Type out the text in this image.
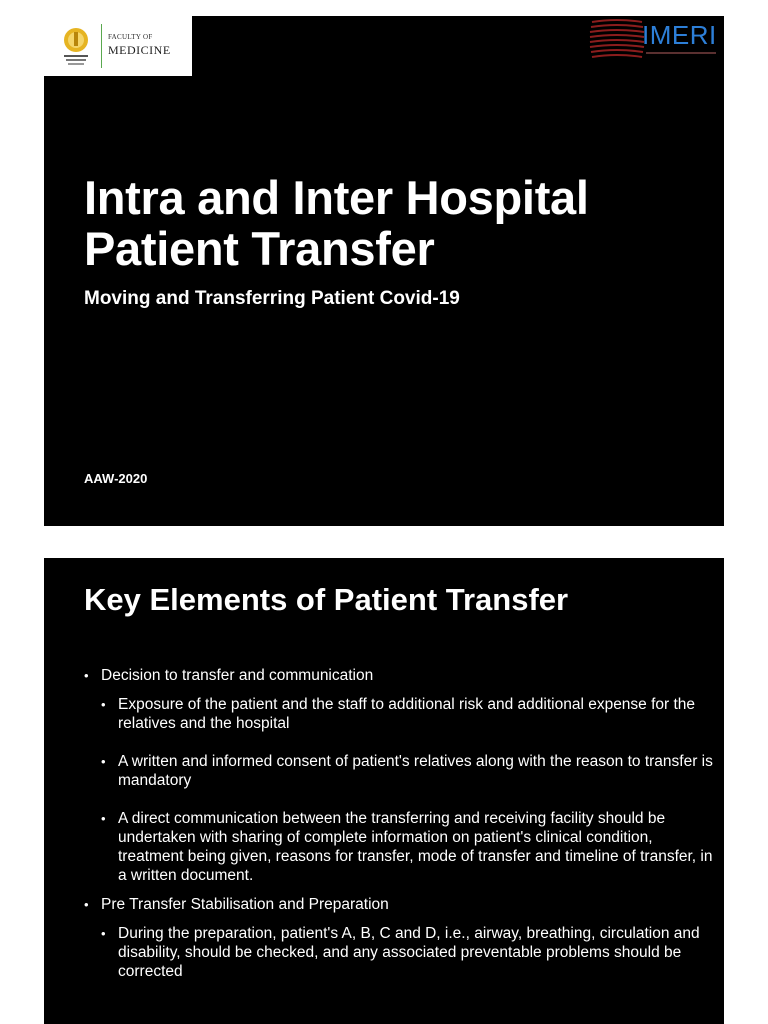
FACULTY OF
MEDICINE	IMERI
Intra and Inter Hospital
Patient Transfer

Moving and Transferring Patient Covid-19

AAW-2020

Key Elements of Patient Transfer
• Decision to transfer and communication
• Exposure of the patient and the staff to additional risk and additional expense for the relatives and the hospital
• A written and informed consent of patient's relatives along with the reason to transfer is mandatory
• A direct communication between the transferring and receiving facility should be undertaken with sharing of complete information on patient's clinical condition, treatment being given, reasons for transfer, mode of transfer and timeline of transfer, in a written document.
• Pre Transfer Stabilisation and Preparation
• During the preparation, patient's A, B, C and D, i.e., airway, breathing, circulation and disability, should be checked, and any associated preventable problems should be corrected
